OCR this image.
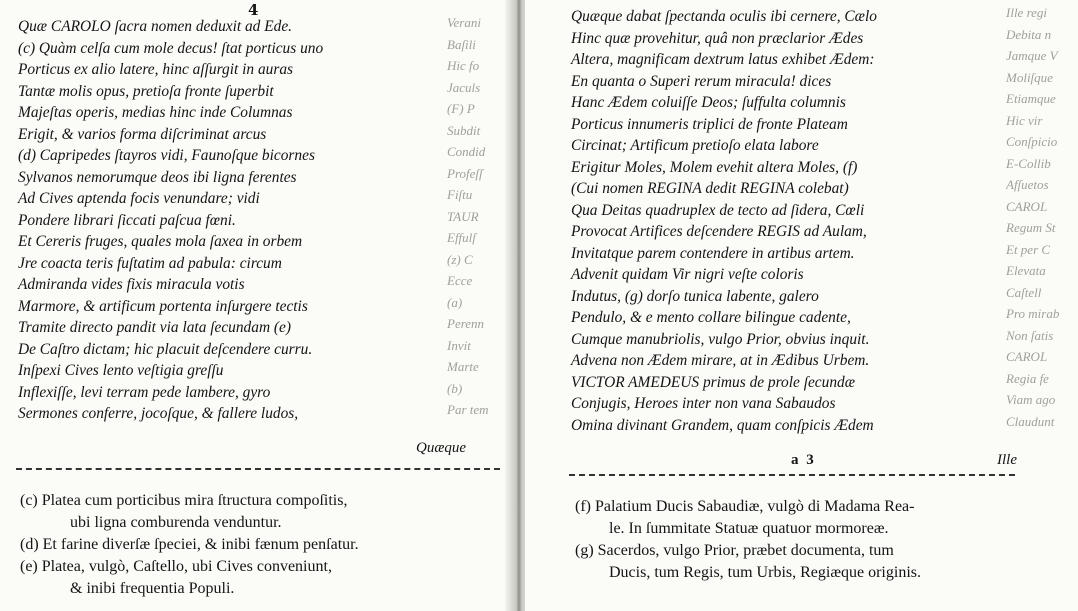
4
Quæ CAROLO ſacra nomen deduxit ad Ede.
(c) Quàm celſa cum mole decus! ſtat porticus uno
Porticus ex alio latere, hinc aſſurgit in auras
Tantæ molis opus, pretioſa fronte ſuperbit
Majeſtas operis, medias hinc inde Columnas
Erigit, & varios forma diſcriminat arcus
(d) Capripedes ſtayros vidi, Faunoſque bicornes
Sylvanos nemorumque deos ibi ligna ferentes
Ad Cives aptenda focis venundare; vidi
Pondere librari ſiccati paſcua fœni.
Et Cereris fruges, quales mola ſaxea in orbem
Jre coacta teris fuſtatim ad pabula: circum
Admiranda vides fixis miracula votis
Marmore, & artificum portenta inſurgere tectis
Tramite directo pandit via lata ſecundam (e)
De Caſtro dictam; hic placuit deſcendere curru.
Inſpexi Cives lento veſtigia greſſu
Inflexiſſe, levi terram pede lambere, gyro
Sermones conferre, jocoſque, & fallere ludos,
Quæque
(c) Platea cum porticibus mira ſtructura compoſitis,
ubi ligna comburenda venduntur.
(d) Et farine diverſæ ſpeciei, & inibi fænum penſatur.
(e) Platea, vulgò, Caſtello, ubi Cives conveniunt,
& inibi frequentia Populi.
Verani
Baſili
Hic fo
Jaculs
(F) P
Subdit
Condid
Profeſſ
Fiſtu
TAUR
Effulſ
(z) C
Ecce
(a)
Perenn
Invit
Marte
(b)
Par tem
Quæque dabat ſpectanda oculis ibi cernere, Cælo
Hinc quæ provehitur, quâ non præclarior Ædes
Altera, magnificam dextrum latus exhibet Ædem:
En quanta o Superi rerum miracula! dices
Hanc Ædem coluiſſe Deos; ſuffulta columnis
Porticus innumeris triplici de fronte Plateam
Circinat; Artificum pretioſo elata labore
Erigitur Moles, Molem evehit altera Moles, (f)
(Cui nomen REGINA dedit REGINA colebat)
Qua Deitas quadruplex de tecto ad ſidera, Cœli
Provocat Artifices deſcendere REGIS ad Aulam,
Invitatque parem contendere in artibus artem.
Advenit quidam Vir nigri veſte coloris
Indutus, (g) dorſo tunica labente, galero
Pendulo, & e mento collare bilingue cadente,
Cumque manubriolis, vulgo Prior, obvius inquit.
Advena non Ædem mirare, at in Ædibus Urbem.
VICTOR AMEDEUS primus de prole ſecundæ
Conjugis, Heroes inter non vana Sabaudos
Omina divinant Grandem, quam conſpicis Ædem
a 3	Ille
(f) Palatium Ducis Sabaudiæ, vulgò di Madama Rea-
le. In ſummitate Statuæ quatuor mormoreæ.
(g) Sacerdos, vulgo Prior, præbet documenta, tum
Ducis, tum Regis, tum Urbis, Regiæque originis.
Ille regi
Debita n
Jamque V
Moliſque
Etiamque
Hic vir
Conſpicio
E-Collib
Afſuetos
CAROL
Regum St
Et per C
Elevata
Caſtell
Pro mirab
Non ſatis
CAROL
Regia fe
Viam ago
Claudunt
